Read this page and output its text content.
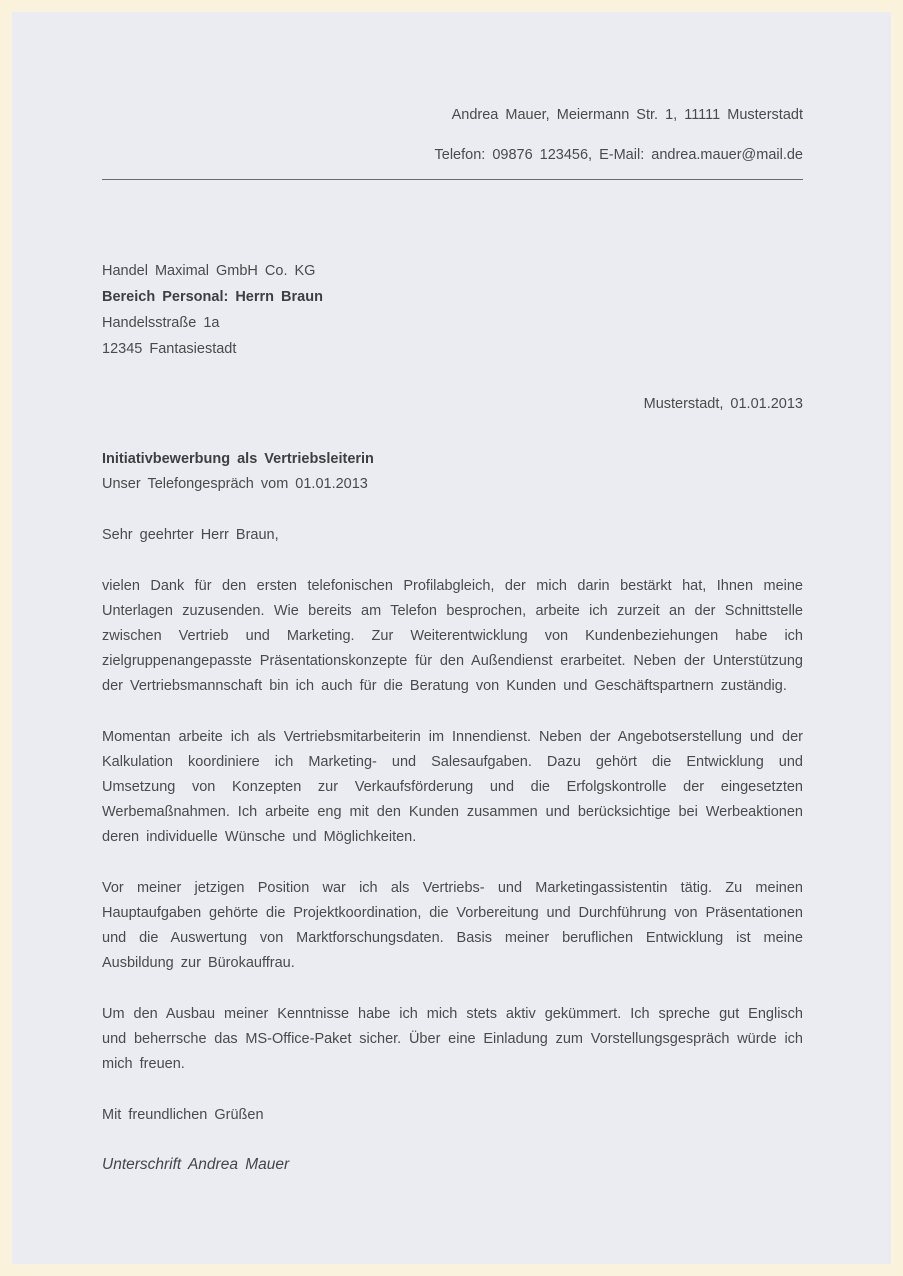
Andrea Mauer, Meiermann Str. 1, 11111 Musterstadt
Telefon: 09876 123456, E-Mail: andrea.mauer@mail.de
Handel Maximal GmbH Co. KG
Bereich Personal: Herrn Braun
Handelsstraße 1a
12345 Fantasiestadt
Musterstadt, 01.01.2013
Initiativbewerbung als Vertriebsleiterin
Unser Telefongespräch vom 01.01.2013
Sehr geehrter Herr Braun,

vielen Dank für den ersten telefonischen Profilabgleich, der mich darin bestärkt hat, Ihnen meine Unterlagen zuzusenden. Wie bereits am Telefon besprochen, arbeite ich zurzeit an der Schnittstelle zwischen Vertrieb und Marketing. Zur Weiterentwicklung von Kundenbeziehungen habe ich zielgruppenangepasste Präsentationskonzepte für den Außendienst erarbeitet. Neben der Unterstützung der Vertriebsmannschaft bin ich auch für die Beratung von Kunden und Geschäftspartnern zuständig.

Momentan arbeite ich als Vertriebsmitarbeiterin im Innendienst. Neben der Angebotserstellung und der Kalkulation koordiniere ich Marketing- und Salesaufgaben. Dazu gehört die Entwicklung und Umsetzung von Konzepten zur Verkaufsförderung und die Erfolgskontrolle der eingesetzten Werbemaßnahmen. Ich arbeite eng mit den Kunden zusammen und berücksichtige bei Werbeaktionen deren individuelle Wünsche und Möglichkeiten.

Vor meiner jetzigen Position war ich als Vertriebs- und Marketingassistentin tätig. Zu meinen Hauptaufgaben gehörte die Projektkoordination, die Vorbereitung und Durchführung von Präsentationen und die Auswertung von Marktforschungsdaten. Basis meiner beruflichen Entwicklung ist meine Ausbildung zur Bürokauffrau.

Um den Ausbau meiner Kenntnisse habe ich mich stets aktiv gekümmert. Ich spreche gut Englisch und beherrsche das MS-Office-Paket sicher. Über eine Einladung zum Vorstellungsgespräch würde ich mich freuen.

Mit freundlichen Grüßen
Unterschrift Andrea Mauer
